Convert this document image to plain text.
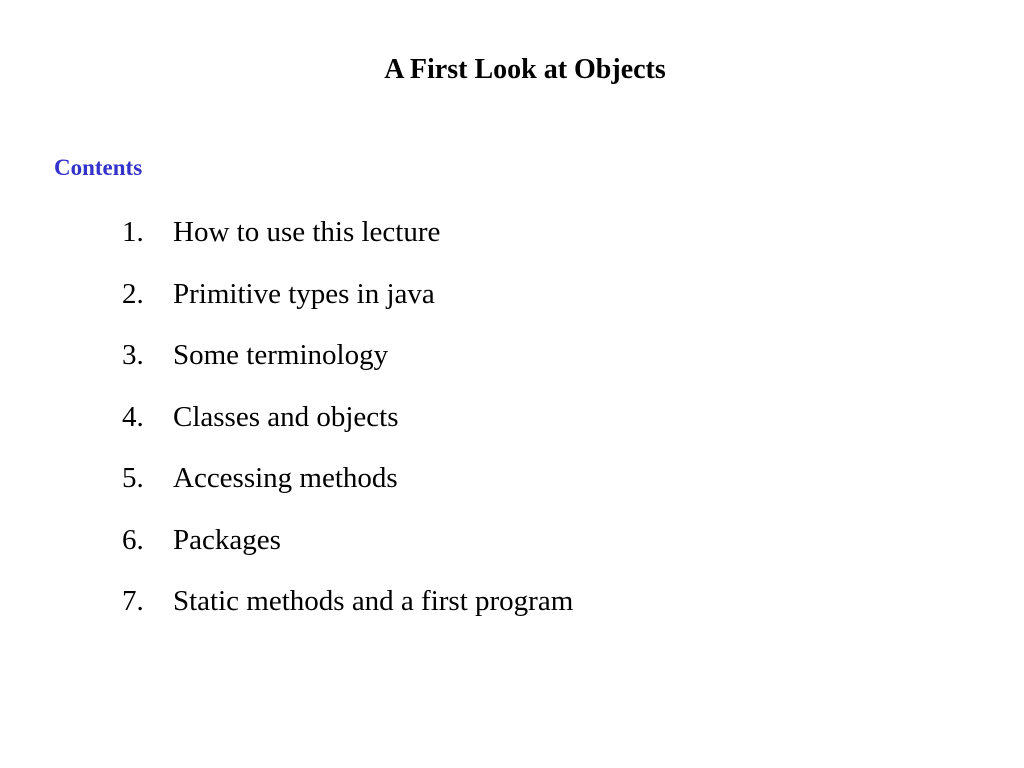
A First Look at Objects
Contents
1.	How to use this lecture
2.	Primitive types in java
3.	Some terminology
4.	Classes and objects
5.	Accessing methods
6.	Packages
7.	Static methods and a first program
